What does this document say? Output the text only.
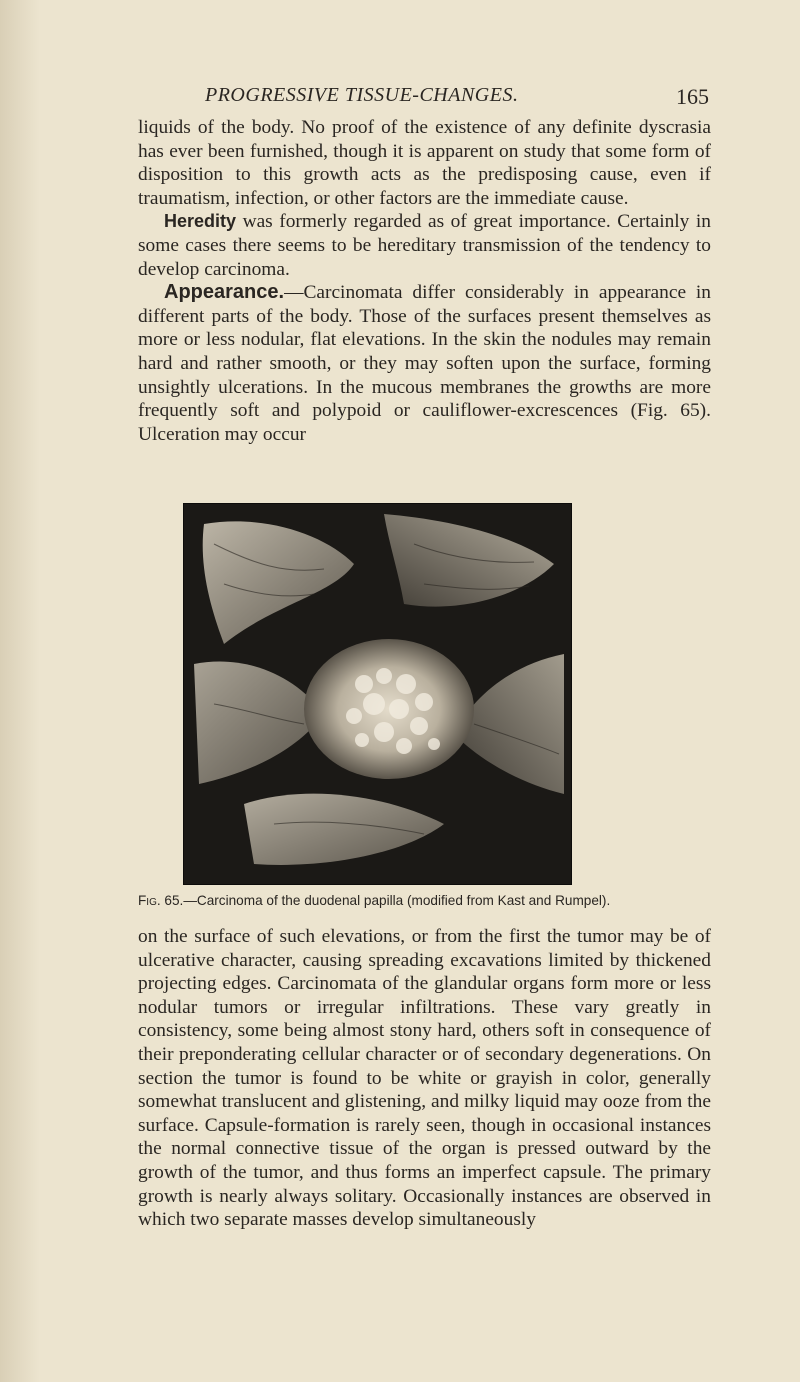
PROGRESSIVE TISSUE-CHANGES.	165

liquids of the body. No proof of the existence of any definite dyscrasia has ever been furnished, though it is apparent on study that some form of disposition to this growth acts as the predisposing cause, even if traumatism, infection, or other factors are the immediate cause.

Heredity was formerly regarded as of great importance. Certainly in some cases there seems to be hereditary transmission of the tendency to develop carcinoma.

Appearance.—Carcinomata differ considerably in appearance in different parts of the body. Those of the surfaces present themselves as more or less nodular, flat elevations. In the skin the nodules may remain hard and rather smooth, or they may soften upon the surface, forming unsightly ulcerations. In the mucous membranes the growths are more frequently soft and polypoid or cauliflower-excrescences (Fig. 65). Ulceration may occur

Fig. 65.—Carcinoma of the duodenal papilla (modified from Kast and Rumpel).

on the surface of such elevations, or from the first the tumor may be of ulcerative character, causing spreading excavations limited by thickened projecting edges. Carcinomata of the glandular organs form more or less nodular tumors or irregular infiltrations. These vary greatly in consistency, some being almost stony hard, others soft in consequence of their preponderating cellular character or of secondary degenerations. On section the tumor is found to be white or grayish in color, generally somewhat translucent and glistening, and milky liquid may ooze from the surface. Capsule-formation is rarely seen, though in occasional instances the normal connective tissue of the organ is pressed outward by the growth of the tumor, and thus forms an imperfect capsule. The primary growth is nearly always solitary. Occasionally instances are observed in which two separate masses develop simultaneously
